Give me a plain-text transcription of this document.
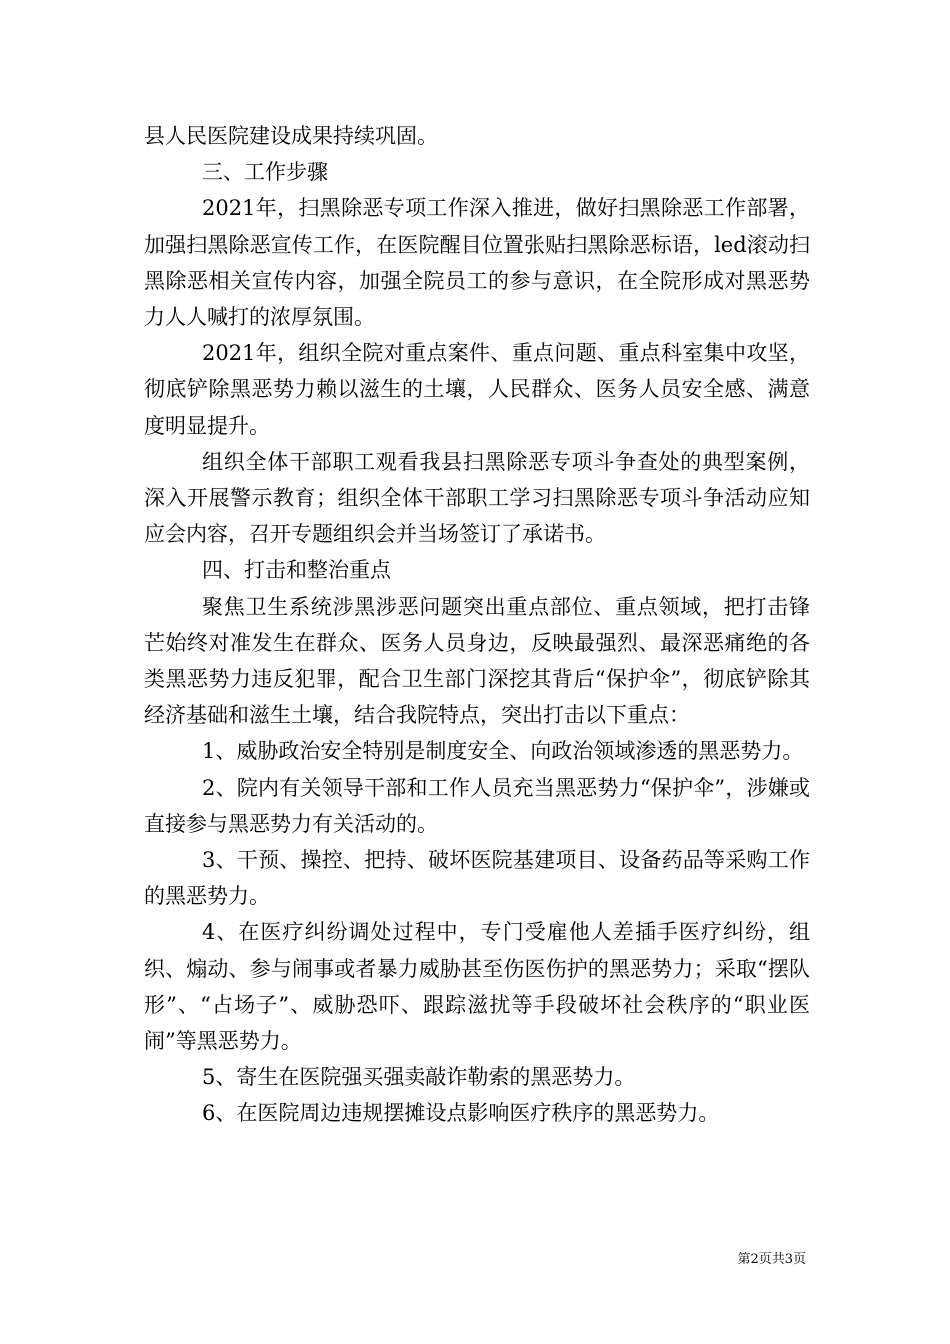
县人民医院建设成果持续巩固。

三、工作步骤

2021年，扫黑除恶专项工作深入推进，做好扫黑除恶工作部署，加强扫黑除恶宣传工作，在医院醒目位置张贴扫黑除恶标语，led滚动扫黑除恶相关宣传内容，加强全院员工的参与意识，在全院形成对黑恶势力人人喊打的浓厚氛围。

2021年，组织全院对重点案件、重点问题、重点科室集中攻坚，彻底铲除黑恶势力赖以滋生的土壤，人民群众、医务人员安全感、满意度明显提升。

组织全体干部职工观看我县扫黑除恶专项斗争查处的典型案例，深入开展警示教育；组织全体干部职工学习扫黑除恶专项斗争活动应知应会内容，召开专题组织会并当场签订了承诺书。

四、打击和整治重点

聚焦卫生系统涉黑涉恶问题突出重点部位、重点领域，把打击锋芒始终对准发生在群众、医务人员身边，反映最强烈、最深恶痛绝的各类黑恶势力违反犯罪，配合卫生部门深挖其背后“保护伞”，彻底铲除其经济基础和滋生土壤，结合我院特点，突出打击以下重点：

1、威胁政治安全特别是制度安全、向政治领域渗透的黑恶势力。

2、院内有关领导干部和工作人员充当黑恶势力“保护伞”，涉嫌或直接参与黑恶势力有关活动的。

3、干预、操控、把持、破坏医院基建项目、设备药品等采购工作的黑恶势力。

4、在医疗纠纷调处过程中，专门受雇他人差插手医疗纠纷，组织、煽动、参与闹事或者暴力威胁甚至伤医伤护的黑恶势力；采取“摆队形”、“占场子”、威胁恐吓、跟踪滋扰等手段破坏社会秩序的“职业医闹”等黑恶势力。

5、寄生在医院强买强卖敲诈勒索的黑恶势力。

6、在医院周边违规摆摊设点影响医疗秩序的黑恶势力。

第2页共3页
